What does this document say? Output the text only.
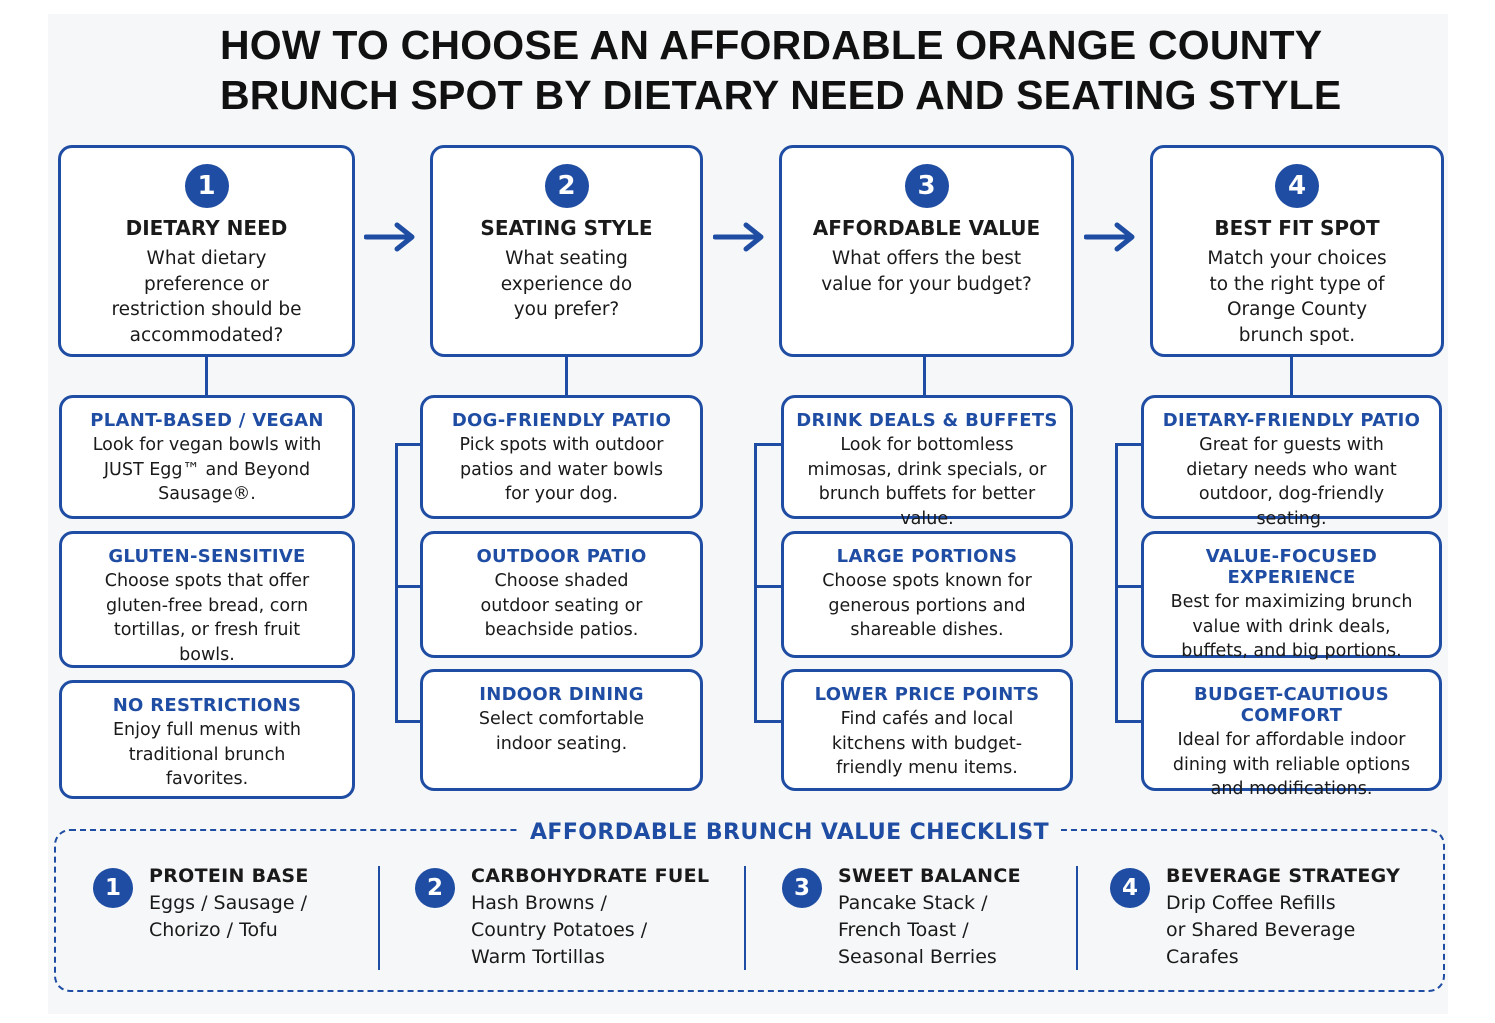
HOW TO CHOOSE AN AFFORDABLE ORANGE COUNTY
BRUNCH SPOT BY DIETARY NEED AND SEATING STYLE
1
DIETARY NEED
What dietary preference or restriction should be accommodated?
2
SEATING STYLE
What seating experience do you prefer?
3
AFFORDABLE VALUE
What offers the best value for your budget?
4
BEST FIT SPOT
Match your choices to the right type of Orange County brunch spot.
PLANT-BASED / VEGAN
Look for vegan bowls with JUST Egg™ and Beyond Sausage®.
GLUTEN-SENSITIVE
Choose spots that offer gluten-free bread, corn tortillas, or fresh fruit bowls.
NO RESTRICTIONS
Enjoy full menus with traditional brunch favorites.
DOG-FRIENDLY PATIO
Pick spots with outdoor patios and water bowls for your dog.
OUTDOOR PATIO
Choose shaded outdoor seating or beachside patios.
INDOOR DINING
Select comfortable indoor seating.
DRINK DEALS & BUFFETS
Look for bottomless mimosas, drink specials, or brunch buffets for better value.
LARGE PORTIONS
Choose spots known for generous portions and shareable dishes.
LOWER PRICE POINTS
Find cafés and local kitchens with budget-friendly menu items.
DIETARY-FRIENDLY PATIO
Great for guests with dietary needs who want outdoor, dog-friendly seating.
VALUE-FOCUSED EXPERIENCE
Best for maximizing brunch value with drink deals, buffets, and big portions.
BUDGET-CAUTIOUS COMFORT
Ideal for affordable indoor dining with reliable options and modifications.
AFFORDABLE BRUNCH VALUE CHECKLIST
1	PROTEIN BASE
Eggs / Sausage /
Chorizo / Tofu
2	CARBOHYDRATE FUEL
Hash Browns /
Country Potatoes /
Warm Tortillas
3	SWEET BALANCE
Pancake Stack /
French Toast /
Seasonal Berries
4	BEVERAGE STRATEGY
Drip Coffee Refills
or Shared Beverage
Carafes
